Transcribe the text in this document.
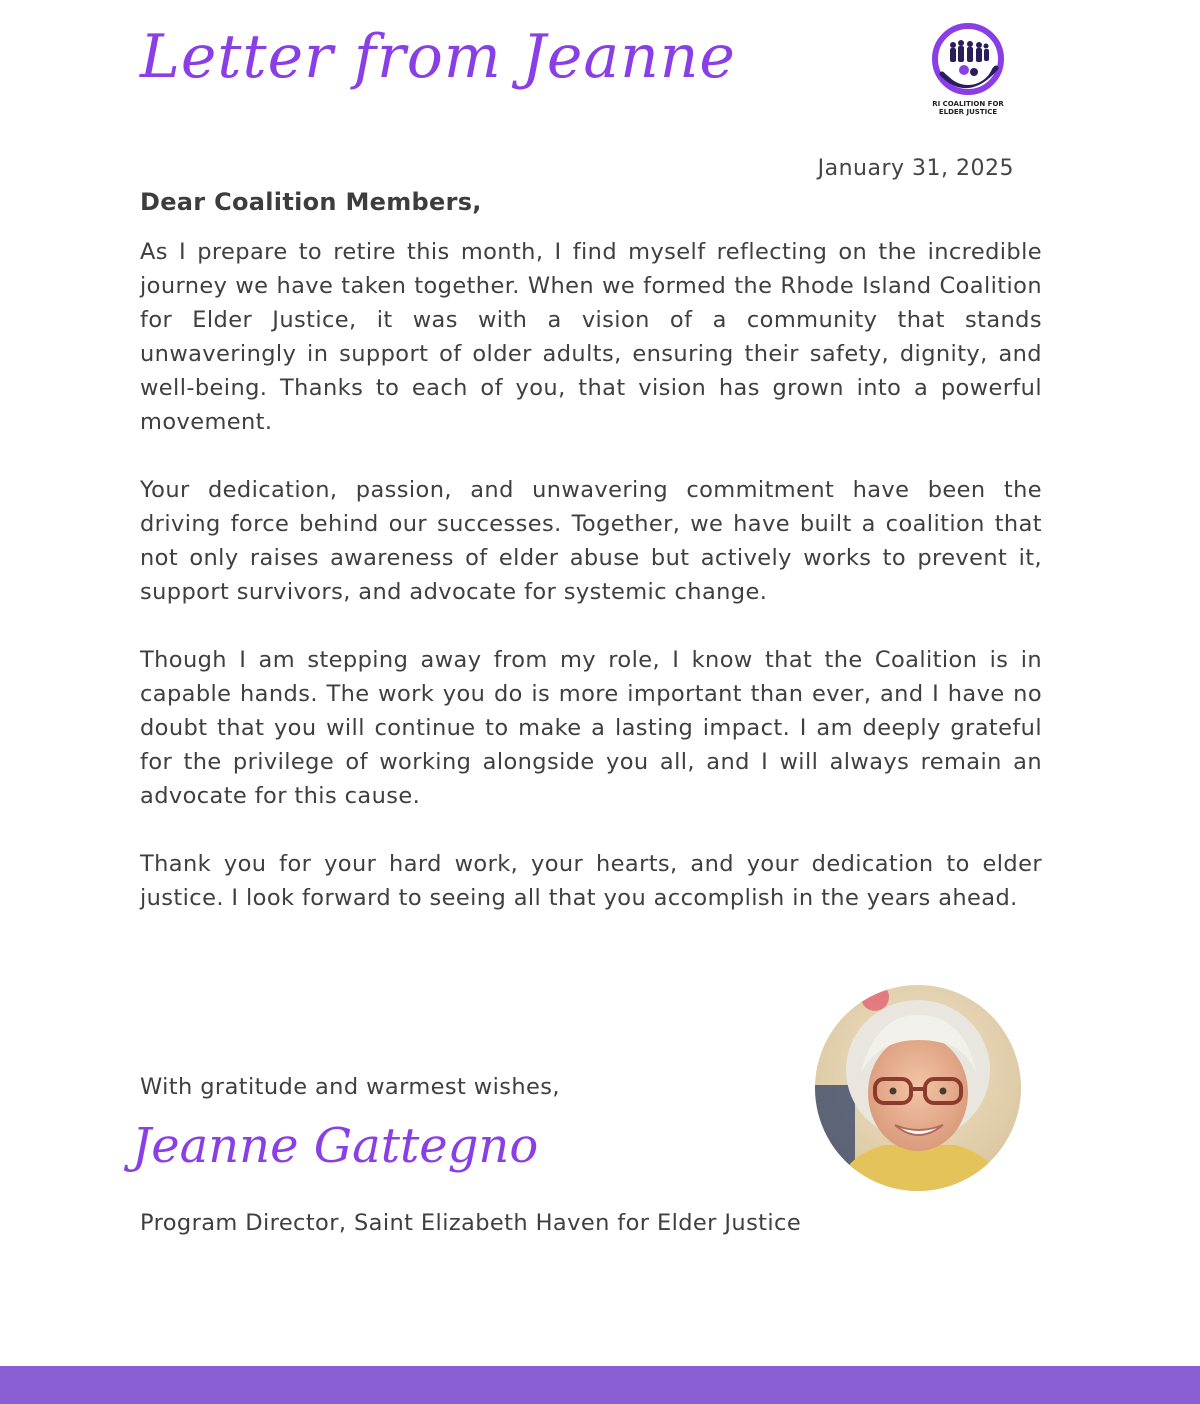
Letter from Jeanne
RI COALITION FOR
ELDER JUSTICE
January 31, 2025
Dear Coalition Members,

As I prepare to retire this month, I find myself reflecting on the incredible journey we have taken together. When we formed the Rhode Island Coalition for Elder Justice, it was with a vision of a community that stands unwaveringly in support of older adults, ensuring their safety, dignity, and well-being. Thanks to each of you, that vision has grown into a powerful movement.

Your dedication, passion, and unwavering commitment have been the driving force behind our successes. Together, we have built a coalition that not only raises awareness of elder abuse but actively works to prevent it, support survivors, and advocate for systemic change.

Though I am stepping away from my role, I know that the Coalition is in capable hands. The work you do is more important than ever, and I have no doubt that you will continue to make a lasting impact. I am deeply grateful for the privilege of working alongside you all, and I will always remain an advocate for this cause.

Thank you for your hard work, your hearts, and your dedication to elder justice. I look forward to seeing all that you accomplish in the years ahead.

With gratitude and warmest wishes,
Jeanne Gattegno
Program Director, Saint Elizabeth Haven for Elder Justice
